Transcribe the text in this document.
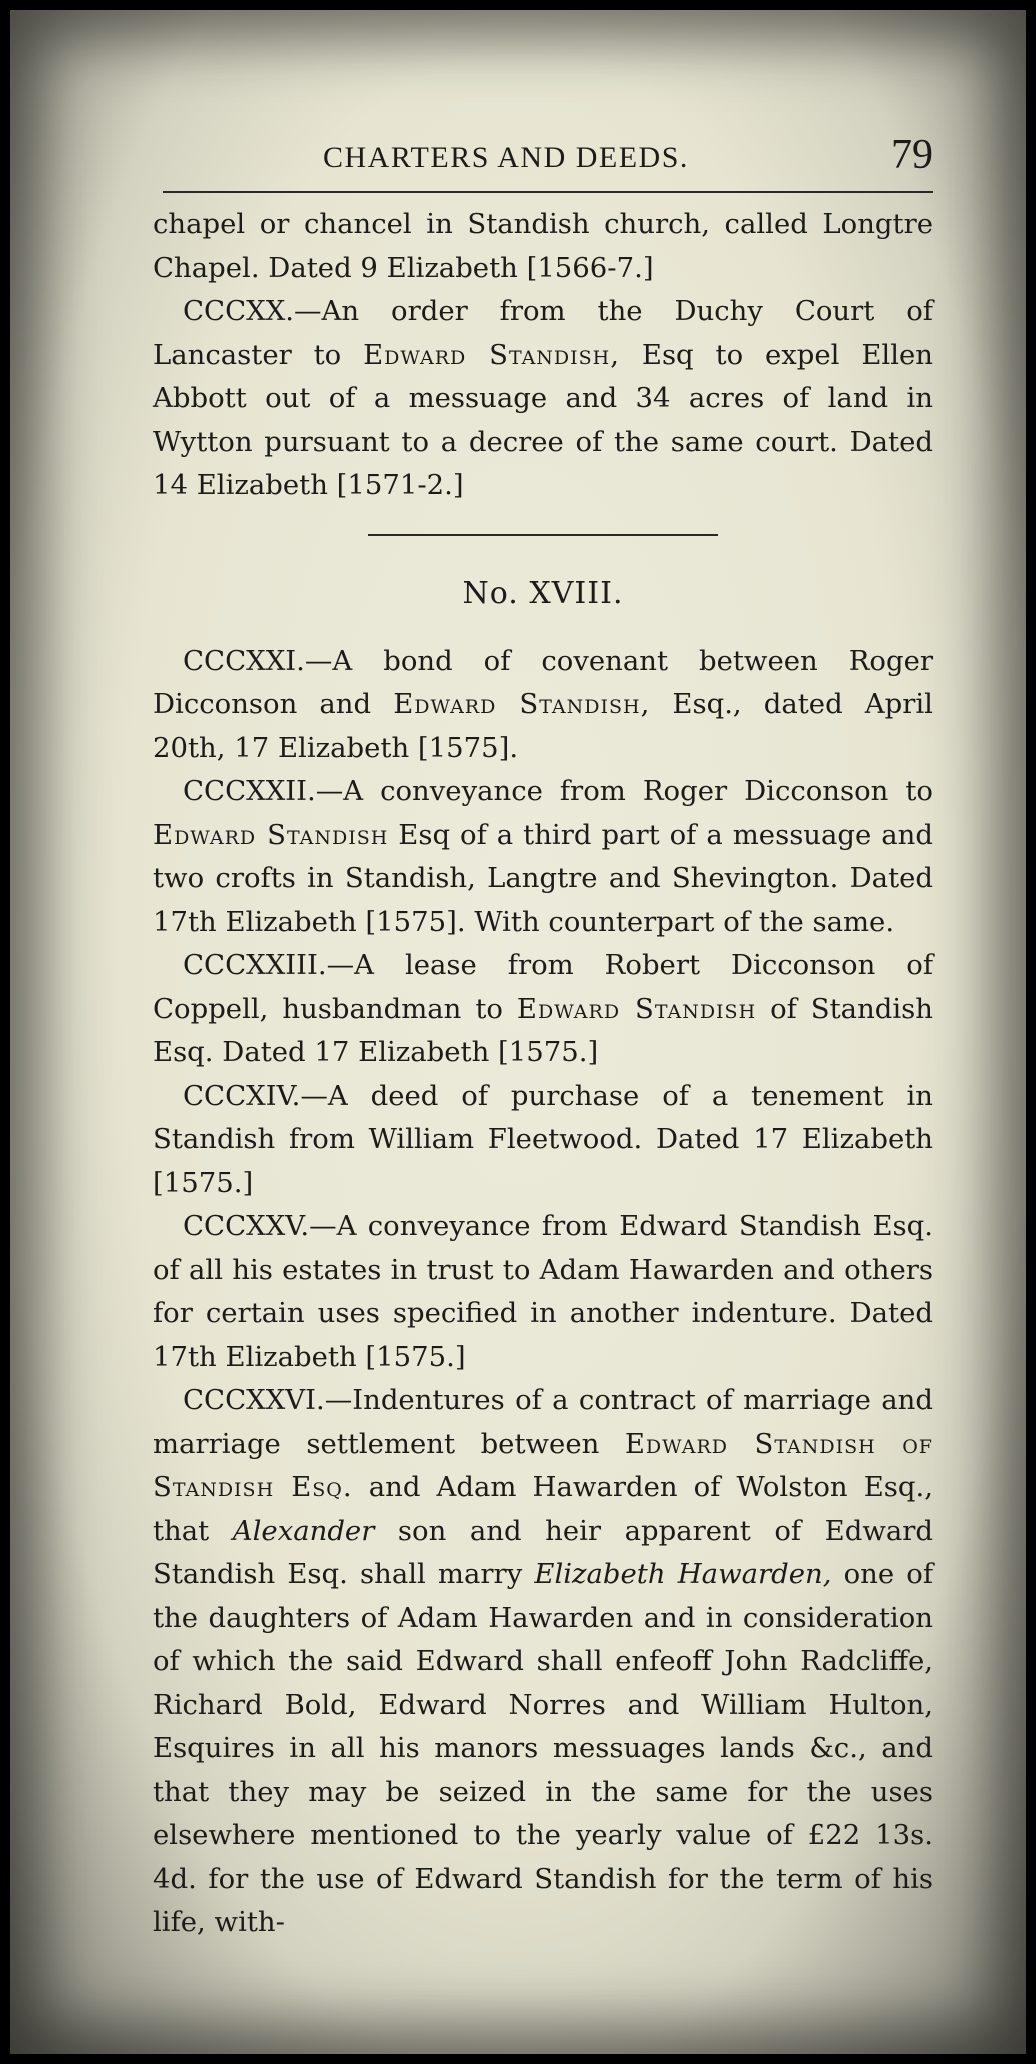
CHARTERS AND DEEDS.	79

chapel or chancel in Standish church, called Longtre Chapel. Dated 9 Elizabeth [1566-7.]

CCCXX.—An order from the Duchy Court of Lancaster to Edward Standish, Esq to expel Ellen Abbott out of a messuage and 34 acres of land in Wytton pursuant to a decree of the same court. Dated 14 Elizabeth [1571-2.]

No. XVIII.

CCCXXI.—A bond of covenant between Roger Dicconson and Edward Standish, Esq., dated April 20th, 17 Elizabeth [1575].

CCCXXII.—A conveyance from Roger Dicconson to Edward Standish Esq of a third part of a messuage and two crofts in Standish, Langtre and Shevington. Dated 17th Elizabeth [1575]. With counterpart of the same.

CCCXXIII.—A lease from Robert Dicconson of Coppell, husbandman to Edward Standish of Standish Esq. Dated 17 Elizabeth [1575.]

CCCXIV.—A deed of purchase of a tenement in Standish from William Fleetwood. Dated 17 Elizabeth [1575.]

CCCXXV.—A conveyance from Edward Standish Esq. of all his estates in trust to Adam Hawarden and others for certain uses specified in another indenture. Dated 17th Elizabeth [1575.]

CCCXXVI.—Indentures of a contract of marriage and marriage settlement between Edward Standish of Standish Esq. and Adam Hawarden of Wolston Esq., that Alexander son and heir apparent of Edward Standish Esq. shall marry Elizabeth Hawarden, one of the daughters of Adam Hawarden and in consideration of which the said Edward shall enfeoff John Radcliffe, Richard Bold, Edward Norres and William Hulton, Esquires in all his manors messuages lands &c., and that they may be seized in the same for the uses elsewhere mentioned to the yearly value of £22 13s. 4d. for the use of Edward Standish for the term of his life, with-
